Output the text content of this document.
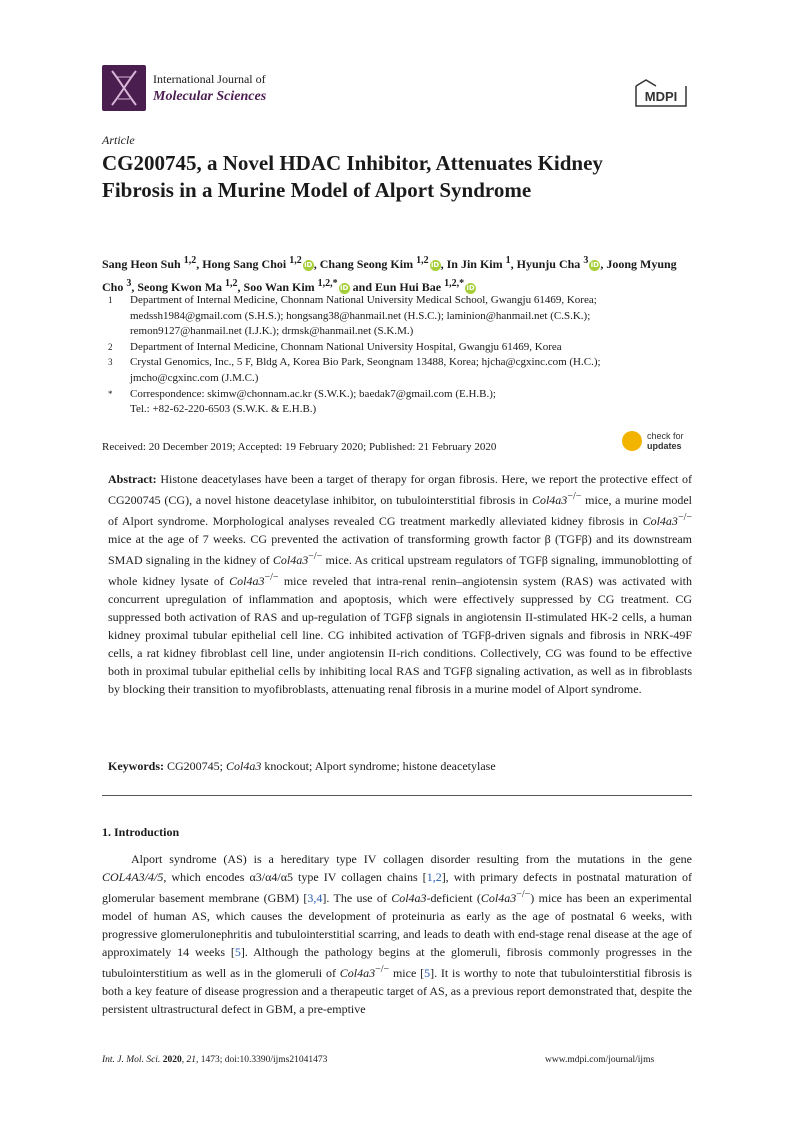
International Journal of
Molecular Sciences	MDPI
Article
CG200745, a Novel HDAC Inhibitor, Attenuates Kidney Fibrosis in a Murine Model of Alport Syndrome

Sang Heon Suh $^{1,2}$, Hong Sang Choi $^{1,2}$ iD, Chang Seong Kim $^{1,2}$ iD, In Jin Kim $^1$, Hyunju Cha $^3$ iD, Joong Myung Cho $^3$, Seong Kwon Ma $^{1,2}$, Soo Wan Kim $^{1,2,*}$ iD and Eun Hui Bae $^{1,2,*}$ iD

1	Department of Internal Medicine, Chonnam National University Medical School, Gwangju 61469, Korea;
medssh1984@gmail.com (S.H.S.); hongsang38@hanmail.net (H.S.C.); laminion@hanmail.net (C.S.K.);
remon9127@hanmail.net (I.J.K.); drmsk@hanmail.net (S.K.M.)
2	Department of Internal Medicine, Chonnam National University Hospital, Gwangju 61469, Korea
3	Crystal Genomics, Inc., 5 F, Bldg A, Korea Bio Park, Seongnam 13488, Korea; hjcha@cgxinc.com (H.C.);
jmcho@cgxinc.com (J.M.C.)
*	Correspondence: skimw@chonnam.ac.kr (S.W.K.); baedak7@gmail.com (E.H.B.);
Tel.: +82-62-220-6503 (S.W.K. & E.H.B.)
Received: 20 December 2019; Accepted: 19 February 2020; Published: 21 February 2020
check for
updates

Abstract: Histone deacetylases have been a target of therapy for organ fibrosis. Here, we report the protective effect of CG200745 (CG), a novel histone deacetylase inhibitor, on tubulointerstitial fibrosis in Col4a3−/− mice, a murine model of Alport syndrome. Morphological analyses revealed CG treatment markedly alleviated kidney fibrosis in Col4a3−/− mice at the age of 7 weeks. CG prevented the activation of transforming growth factor β (TGFβ) and its downstream SMAD signaling in the kidney of Col4a3−/− mice. As critical upstream regulators of TGFβ signaling, immunoblotting of whole kidney lysate of Col4a3−/− mice reveled that intra-renal renin–angiotensin system (RAS) was activated with concurrent upregulation of inflammation and apoptosis, which were effectively suppressed by CG treatment. CG suppressed both activation of RAS and up-regulation of TGFβ signals in angiotensin II-stimulated HK-2 cells, a human kidney proximal tubular epithelial cell line. CG inhibited activation of TGFβ-driven signals and fibrosis in NRK-49F cells, a rat kidney fibroblast cell line, under angiotensin II-rich conditions. Collectively, CG was found to be effective both in proximal tubular epithelial cells by inhibiting local RAS and TGFβ signaling activation, as well as in fibroblasts by blocking their transition to myofibroblasts, attenuating renal fibrosis in a murine model of Alport syndrome.

Keywords: CG200745; Col4a3 knockout; Alport syndrome; histone deacetylase

1. Introduction

Alport syndrome (AS) is a hereditary type IV collagen disorder resulting from the mutations in the gene COL4A3/4/5, which encodes α3/α4/α5 type IV collagen chains [1,2], with primary defects in postnatal maturation of glomerular basement membrane (GBM) [3,4]. The use of Col4a3-deficient (Col4a3−/−) mice has been an experimental model of human AS, which causes the development of proteinuria as early as the age of postnatal 6 weeks, with progressive glomerulonephritis and tubulointerstitial scarring, and leads to death with end-stage renal disease at the age of approximately 14 weeks [5]. Although the pathology begins at the glomeruli, fibrosis commonly progresses in the tubulointerstitium as well as in the glomeruli of Col4a3−/− mice [5]. It is worthy to note that tubulointerstitial fibrosis is both a key feature of disease progression and a therapeutic target of AS, as a previous report demonstrated that, despite the persistent ultrastructural defect in GBM, a pre-emptive

Int. J. Mol. Sci. 2020, 21, 1473; doi:10.3390/ijms21041473	www.mdpi.com/journal/ijms
